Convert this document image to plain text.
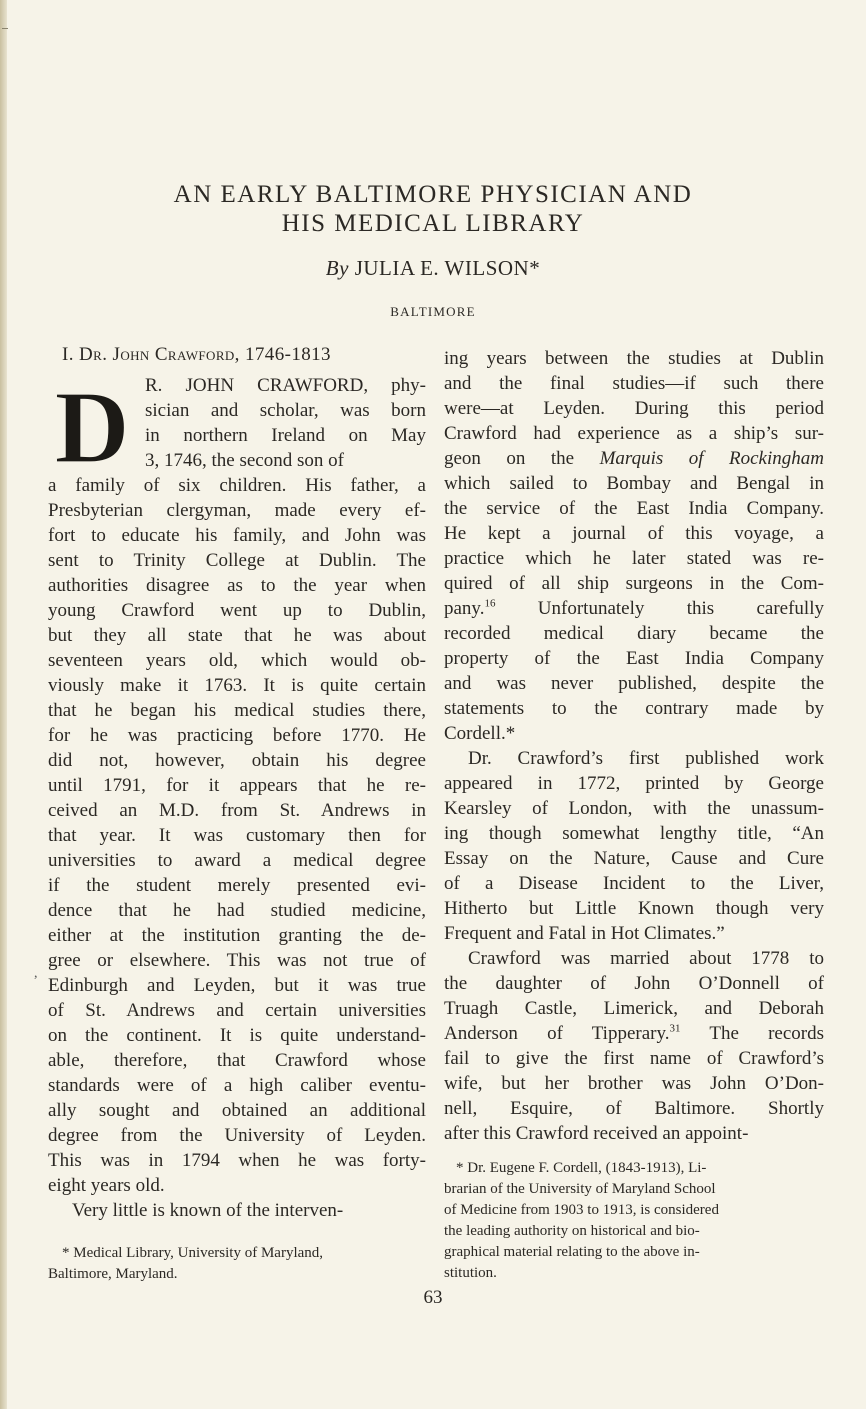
AN EARLY BALTIMORE PHYSICIAN AND
HIS MEDICAL LIBRARY
By JULIA E. WILSON*
BALTIMORE
I. Dr. John Crawford, 1746-1813
D R. JOHN CRAWFORD, phy-
sician and scholar, was born
in northern Ireland on May
3, 1746, the second son of
a family of six children. His father, a
Presbyterian clergyman, made every ef-
fort to educate his family, and John was
sent to Trinity College at Dublin. The
authorities disagree as to the year when
young Crawford went up to Dublin,
but they all state that he was about
seventeen years old, which would ob-
viously make it 1763. It is quite certain
that he began his medical studies there,
for he was practicing before 1770. He
did not, however, obtain his degree
until 1791, for it appears that he re-
ceived an M.D. from St. Andrews in
that year. It was customary then for
universities to award a medical degree
if the student merely presented evi-
dence that he had studied medicine,
either at the institution granting the de-
gree or elsewhere. This was not true of
Edinburgh and Leyden, but it was true
of St. Andrews and certain universities
on the continent. It is quite understand-
able, therefore, that Crawford whose
standards were of a high caliber eventu-
ally sought and obtained an additional
degree from the University of Leyden.
This was in 1794 when he was forty-
eight years old.
Very little is known of the interven-
,
ing years between the studies at Dublin
and the final studies—if such there
were—at Leyden. During this period
Crawford had experience as a ship’s sur-
geon on the Marquis of Rockingham
which sailed to Bombay and Bengal in
the service of the East India Company.
He kept a journal of this voyage, a
practice which he later stated was re-
quired of all ship surgeons in the Com-
pany.$^{16}$ Unfortunately this carefully
recorded medical diary became the
property of the East India Company
and was never published, despite the
statements to the contrary made by
Cordell.*
Dr. Crawford’s first published work
appeared in 1772, printed by George
Kearsley of London, with the unassum-
ing though somewhat lengthy title, “An
Essay on the Nature, Cause and Cure
of a Disease Incident to the Liver,
Hitherto but Little Known though very
Frequent and Fatal in Hot Climates.”
Crawford was married about 1778 to
the daughter of John O’Donnell of
Truagh Castle, Limerick, and Deborah
Anderson of Tipperary.$^{31}$ The records
fail to give the first name of Crawford’s
wife, but her brother was John O’Don-
nell, Esquire, of Baltimore. Shortly
after this Crawford received an appoint-
* Medical Library, University of Maryland,
Baltimore, Maryland.
* Dr. Eugene F. Cordell, (1843-1913), Li-
brarian of the University of Maryland School
of Medicine from 1903 to 1913, is considered
the leading authority on historical and bio-
graphical material relating to the above in-
stitution.
63
